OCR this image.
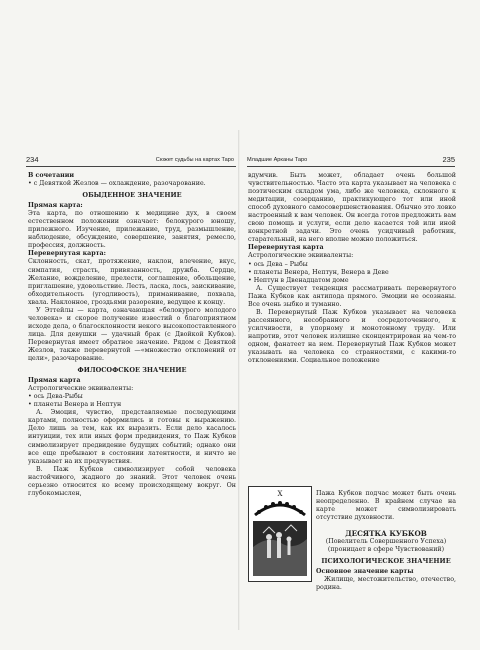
234	Сюжет судьбы на картах Таро Младшие Арканы Таро	235

В сочетании

• с Девяткой Жезлов — охлаждение, разочарование.

ОБЫДЕННОЕ ЗНАЧЕНИЕ

Прямая карта:

Эта карта, по отношению к медицине дух, в своем естественном положении означает: белокурого юношу, прилежного. Изучение, прилежание, труд, размышление, наблюдение, обсуждение, совершение, занятия, ремесло, профессия, должность.

Перевернутая карта:

Склонность, скат, протяжение, наклон, влечение, вкус, симпатия, страсть, привязанность, дружба. Сердце, Желание, вожделение, прелести, соглашение, обольщение, приглашение, удовольствие. Лесть, ласка, лось, заискивание, обходительность (угодливость), приманивание, похвала, хвала. Наклонное, гроздьями разорение, ведущее к концу.

У Эттейлы — карта, означающая «белокурого молодого человека» и скорое получение известий о благоприятном исходе дела, о благосклонности некого высокопоставленного лица. Для девушки — удачный брак (с Двойкой Кубков). Перевернутая имеет обратное значение. Рядом с Девяткой Жезлов, также перевернутой —«множество отклонений от цели», разочарование.

ФИЛОСОФСКОЕ ЗНАЧЕНИЕ

Прямая карта

Астрологические эквиваленты:

• ось Дева-Рыбы

• планеты Венера и Нептун

А. Эмоция, чувство, представляемые последующими картами, полностью оформились и готовы к выражению. Дело лишь за тем, как их выразить. Если дело касалось интуиции, тех или иных форм предвидения, то Паж Кубков символизирует предвидение будущих событий; однако они все еще пребывают в состоянии латентности, и ничто не указывает на их предчувствия.

В. Паж Кубков символизирует собой человека настойчивого, жадного до знаний. Этот человек очень серьезно относится ко всему происходящему вокруг. Он глубокомыслен,

вдумчив. Быть может, обладает очень большой чувствительностью. Часто эта карта указывает на человека с поэтическим складом ума, либо же человека, склонного к медитации, созерцанию, практикующего тот или иной способ духовного самосовершенствования. Обычно это ловко настроенный к вам человек. Он всегда готов предложить вам свою помощь и услуги, если дело касается той или иной конкретной задачи. Это очень усидчивый работник, старательный, на него вполне можно положиться.

Перевернутая карта

Астрологические эквиваленты:

• ось Дева – Рыбы

• планеты Венера, Нептун, Венера в Деве

• Нептун в Двенадцатом доме

А. Существует тенденция рассматривать перевернутого Пажа Кубков как антипода прямого. Эмоции не осознаны. Все очень зыбко и туманно.

В. Перевернутый Паж Кубков указывает на человека рассеянного, несобранного и сосредоточенного, к усилчивости, в упорному и монотонному труду. Или напротив, этот человек излишне сконцентрирован на чем-то одном, фанатеет на нем. Перевернутый Паж Кубков может указывать на человека со странностями, с какими-то отклонениями. Социальное положение

X	Пажа Кубков подчас может быть очень неопределенно. В крайнем случае на карте может символизировать отсутствие духовности.

ДЕСЯТКА КУБКОВ

(Повелитель Совершенного Успеха)

(проницает в сфере Чувствований)

ПСИХОЛОГИЧЕСКОЕ ЗНАЧЕНИЕ

Основное значение карты

Жилище, местожительство, отечество, родина.
